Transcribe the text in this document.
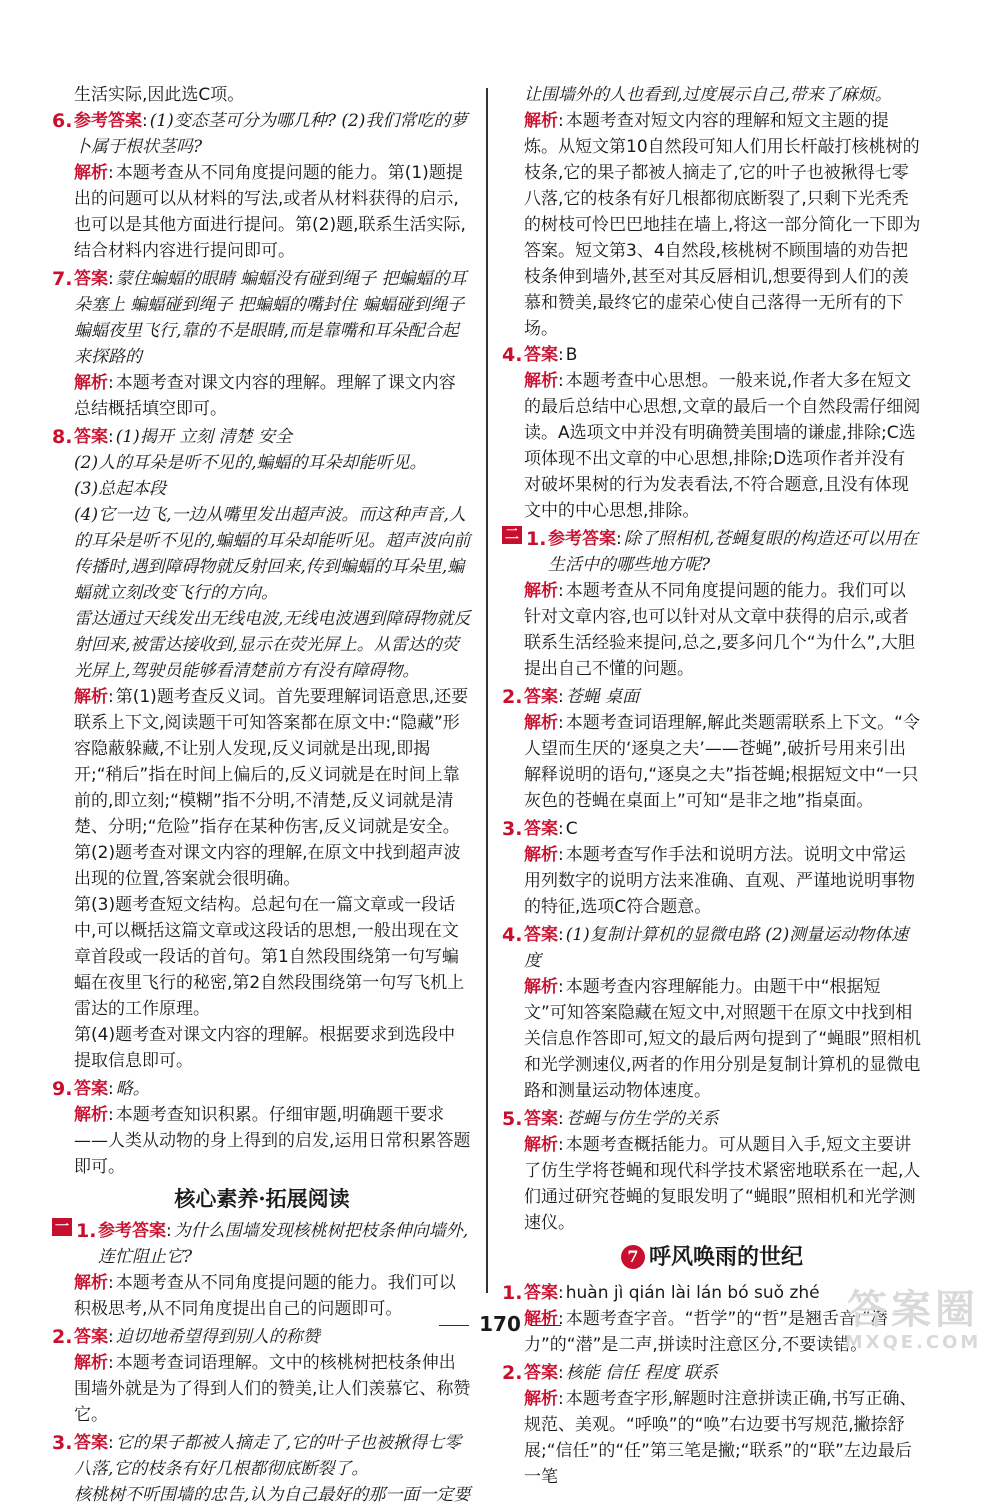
生活实际,因此选C项。
6. 参考答案 : (1)变态茎可分为哪几种? (2)我们常吃的萝卜属于根状茎吗?
解析 : 本题考查从不同角度提问题的能力。第(1)题提出的问题可以从材料的写法,或者从材料获得的启示,也可以是其他方面进行提问。第(2)题,联系生活实际,结合材料内容进行提问即可。
7. 答案 : 蒙住蝙蝠的眼睛 蝙蝠没有碰到绳子 把蝙蝠的耳朵塞上 蝙蝠碰到绳子 把蝙蝠的嘴封住 蝙蝠碰到绳子 蝙蝠夜里飞行,靠的不是眼睛,而是靠嘴和耳朵配合起来探路的
解析 : 本题考查对课文内容的理解。理解了课文内容总结概括填空即可。
8. 答案 : (1)揭开 立刻 清楚 安全
(2)人的耳朵是听不见的,蝙蝠的耳朵却能听见。
(3)总起本段
(4)它一边飞,一边从嘴里发出超声波。而这种声音,人的耳朵是听不见的,蝙蝠的耳朵却能听见。超声波向前传播时,遇到障碍物就反射回来,传到蝙蝠的耳朵里,蝙蝠就立刻改变飞行的方向。
雷达通过天线发出无线电波,无线电波遇到障碍物就反射回来,被雷达接收到,显示在荧光屏上。从雷达的荧光屏上,驾驶员能够看清楚前方有没有障碍物。
解析 : 第(1)题考查反义词。首先要理解词语意思,还要联系上下文,阅读题干可知答案都在原文中:“隐藏”形容隐蔽躲藏,不让别人发现,反义词就是出现,即揭开;“稍后”指在时间上偏后的,反义词就是在时间上靠前的,即立刻;“模糊”指不分明,不清楚,反义词就是清楚、分明;“危险”指存在某种伤害,反义词就是安全。
第(2)题考查对课文内容的理解,在原文中找到超声波出现的位置,答案就会很明确。
第(3)题考查短文结构。总起句在一篇文章或一段话中,可以概括这篇文章或这段话的思想,一般出现在文章首段或一段话的首句。第1自然段围绕第一句写蝙蝠在夜里飞行的秘密,第2自然段围绕第一句写飞机上雷达的工作原理。
第(4)题考查对课文内容的理解。根据要求到选段中提取信息即可。
9. 答案 : 略。
解析 : 本题考查知识积累。仔细审题,明确题干要求——人类从动物的身上得到的启发,运用日常积累答题即可。
核心素养·拓展阅读
一 1. 参考答案 : 为什么围墙发现核桃树把枝条伸向墙外,连忙阻止它?
解析 : 本题考查从不同角度提问题的能力。我们可以积极思考,从不同角度提出自己的问题即可。
2. 答案 : 迫切地希望得到别人的称赞
解析 : 本题考查词语理解。文中的核桃树把枝条伸出围墙外就是为了得到人们的赞美,让人们羡慕它、称赞它。
3. 答案 : 它的果子都被人摘走了,它的叶子也被揪得七零八落,它的枝条有好几根都彻底断裂了。
核桃树不听围墙的忠告,认为自己最好的那一面一定要
让围墙外的人也看到,过度展示自己,带来了麻烦。
解析 : 本题考查对短文内容的理解和短文主题的提炼。从短文第10自然段可知人们用长杆敲打核桃树的枝条,它的果子都被人摘走了,它的叶子也被揪得七零八落,它的枝条有好几根都彻底断裂了,只剩下光秃秃的树枝可怜巴巴地挂在墙上,将这一部分简化一下即为答案。短文第3、4自然段,核桃树不顾围墙的劝告把枝条伸到墙外,甚至对其反唇相讥,想要得到人们的羡慕和赞美,最终它的虚荣心使自己落得一无所有的下场。
4. 答案 : B
解析 : 本题考查中心思想。一般来说,作者大多在短文的最后总结中心思想,文章的最后一个自然段需仔细阅读。A选项文中并没有明确赞美围墙的谦虚,排除;C选项体现不出文章的中心思想,排除;D选项作者并没有对破坏果树的行为发表看法,不符合题意,且没有体现文中的中心思想,排除。
二 1. 参考答案 : 除了照相机,苍蝇复眼的构造还可以用在生活中的哪些地方呢?
解析 : 本题考查从不同角度提问题的能力。我们可以针对文章内容,也可以针对从文章中获得的启示,或者联系生活经验来提问,总之,要多问几个“为什么”,大胆提出自己不懂的问题。
2. 答案 : 苍蝇 桌面
解析 : 本题考查词语理解,解此类题需联系上下文。“令人望而生厌的‘逐臭之夫’——苍蝇”,破折号用来引出解释说明的语句,“逐臭之夫”指苍蝇;根据短文中“一只灰色的苍蝇在桌面上”可知“是非之地”指桌面。
3. 答案 : C
解析 : 本题考查写作手法和说明方法。说明文中常运用列数字的说明方法来准确、直观、严谨地说明事物的特征,选项C符合题意。
4. 答案 : (1)复制计算机的显微电路 (2)测量运动物体速度
解析 : 本题考查内容理解能力。由题干中“根据短文”可知答案隐藏在短文中,对照题干在原文中找到相关信息作答即可,短文的最后两句提到了“蝇眼”照相机和光学测速仪,两者的作用分别是复制计算机的显微电路和测量运动物体速度。
5. 答案 : 苍蝇与仿生学的关系
解析 : 本题考查概括能力。可从题目入手,短文主要讲了仿生学将苍蝇和现代科学技术紧密地联系在一起,人们通过研究苍蝇的复眼发明了“蝇眼”照相机和光学测速仪。
7 呼风唤雨的世纪
1. 答案 : huàn jì qián lài lán bó suǒ zhé
解析 : 本题考查字音。“哲学”的“哲”是翘舌音;“潜力”的“潜”是二声,拼读时注意区分,不要读错。
2. 答案 : 核能 信任 程度 联系
解析 : 本题考查字形,解题时注意拼读正确,书写正确、规范、美观。“呼唤”的“唤”右边要书写规范,撇捺舒展;“信任”的“任”第三笔是撇;“联系”的“联”左边最后一笔
170	答案圈
MXQE.COM
